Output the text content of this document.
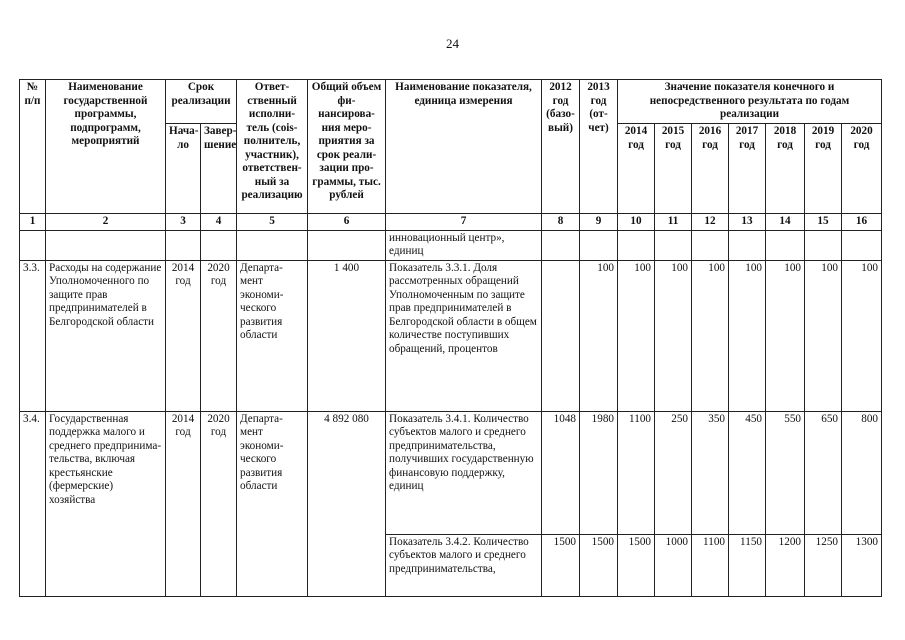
24
№ п/п	Наименование государственной программы, подпрограмм, мероприятий	Срок реализации		Ответ-ственный исполни-тель (сois-полнитель, участник), ответствен-ный за реализацию	Общий объем фи-нансирова-ния меро-приятия за срок реали-зации про-граммы, тыс. рублей	Наименование показателя, единица измерения	2012 год (базо-вый)	2013 год (от-чет)	Значение показателя конечного и непосредственного результата по годам реализации						
		Нача-ло	Завер-шение						2014 год	2015 год	2016 год	2017 год	2018 год	2019 год	2020 год
1	2	3	4	5	6	7	8	9	10	11	12	13	14	15	16
						инновационный центр», единиц									
3.3.	Расходы на содержание Уполномоченного по защите прав предпринимателей в Белгородской области	2014 год	2020 год	Департа-мент экономи-ческого развития области	1 400	Показатель 3.3.1. Доля рассмотренных обращений Уполномоченным по защите прав предпринимателей в Белгородской области в общем количестве поступивших обращений, процентов		100	100	100	100	100	100	100	100
3.4.	Государственная поддержка малого и среднего предпринима-тельства, включая крестьянские (фермерские) хозяйства	2014 год	2020 год	Департа-мент экономи-ческого развития области	4 892 080	Показатель 3.4.1. Количество субъектов малого и среднего предпринимательства, получивших государственную финансовую поддержку, единиц	1048	1980	1100	250	350	450	550	650	800
						Показатель 3.4.2. Количество субъектов малого и среднего предпринимательства,	1500	1500	1500	1000	1100	1150	1200	1250	1300
